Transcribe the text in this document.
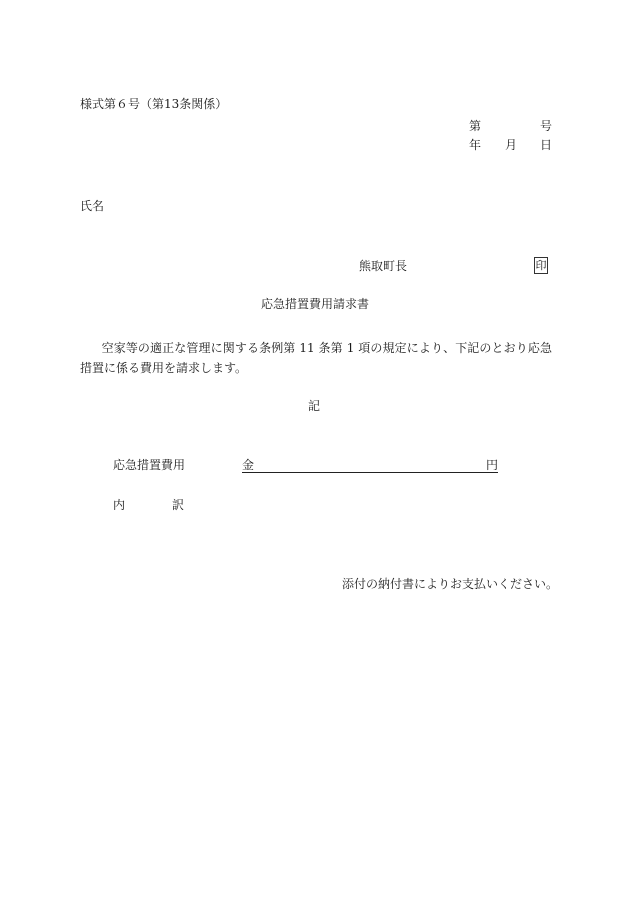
様式第６号（第13条関係）
第	号
年 月 日
氏名
熊取町長	印
応急措置費用請求書
空家等の適正な管理に関する条例第 11 条第 1 項の規定により、下記のとおり応急措置に係る費用を請求します。
記
応急措置費用	金	円
内	訳
添付の納付書によりお支払いください。
